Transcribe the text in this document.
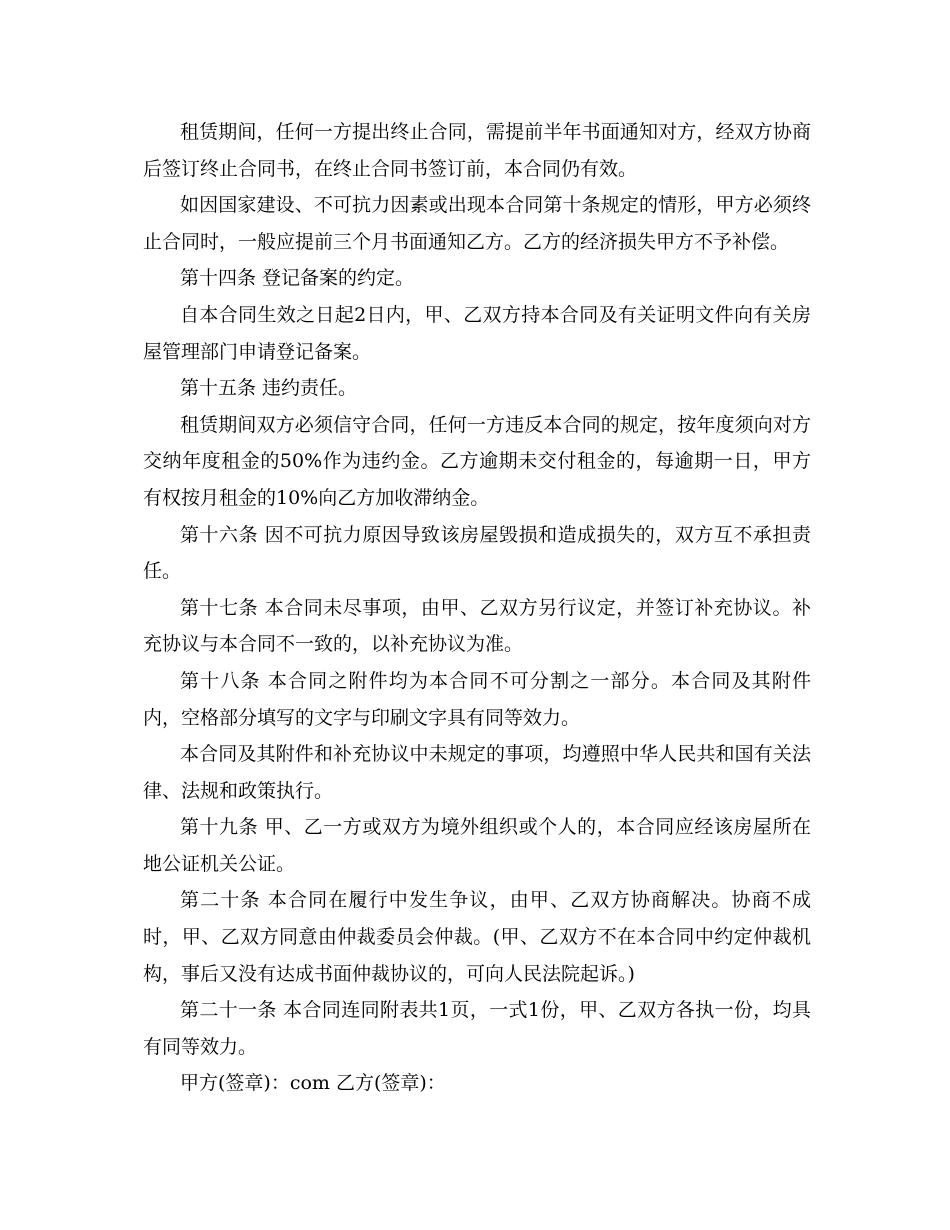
租赁期间，任何一方提出终止合同，需提前半年书面通知对方，经双方协商后签订终止合同书，在终止合同书签订前，本合同仍有效。

如因国家建设、不可抗力因素或出现本合同第十条规定的情形，甲方必须终止合同时，一般应提前三个月书面通知乙方。乙方的经济损失甲方不予补偿。

第十四条 登记备案的约定。

自本合同生效之日起2日内，甲、乙双方持本合同及有关证明文件向有关房屋管理部门申请登记备案。

第十五条 违约责任。

租赁期间双方必须信守合同，任何一方违反本合同的规定，按年度须向对方交纳年度租金的50%作为违约金。乙方逾期未交付租金的，每逾期一日，甲方有权按月租金的10%向乙方加收滞纳金。

第十六条 因不可抗力原因导致该房屋毁损和造成损失的，双方互不承担责任。

第十七条 本合同未尽事项，由甲、乙双方另行议定，并签订补充协议。补充协议与本合同不一致的，以补充协议为准。

第十八条 本合同之附件均为本合同不可分割之一部分。本合同及其附件内，空格部分填写的文字与印刷文字具有同等效力。

本合同及其附件和补充协议中未规定的事项，均遵照中华人民共和国有关法律、法规和政策执行。

第十九条 甲、乙一方或双方为境外组织或个人的，本合同应经该房屋所在地公证机关公证。

第二十条 本合同在履行中发生争议，由甲、乙双方协商解决。协商不成时，甲、乙双方同意由仲裁委员会仲裁。(甲、乙双方不在本合同中约定仲裁机构，事后又没有达成书面仲裁协议的，可向人民法院起诉。)

第二十一条 本合同连同附表共1页，一式1份，甲、乙双方各执一份，均具有同等效力。

甲方(签章)：com 乙方(签章)：
